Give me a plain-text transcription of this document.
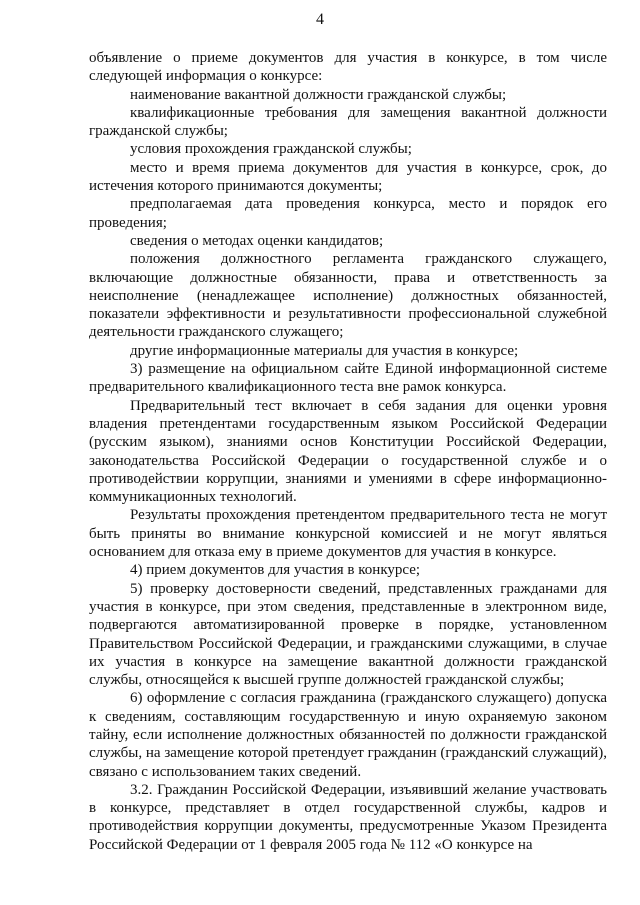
4

объявление о приеме документов для участия в конкурсе, в том числе следующей информация о конкурсе:

наименование вакантной должности гражданской службы;

квалификационные требования для замещения вакантной должности гражданской службы;

условия прохождения гражданской службы;

место и время приема документов для участия в конкурсе, срок, до истечения которого принимаются документы;

предполагаемая дата проведения конкурса, место и порядок его проведения;

сведения о методах оценки кандидатов;

положения должностного регламента гражданского служащего, включающие должностные обязанности, права и ответственность за неисполнение (ненадлежащее исполнение) должностных обязанностей, показатели эффективности и результативности профессиональной служебной деятельности гражданского служащего;

другие информационные материалы для участия в конкурсе;

3) размещение на официальном сайте Единой информационной системе предварительного квалификационного теста вне рамок конкурса.

Предварительный тест включает в себя задания для оценки уровня владения претендентами государственным языком Российской Федерации (русским языком), знаниями основ Конституции Российской Федерации, законодательства Российской Федерации о государственной службе и о противодействии коррупции, знаниями и умениями в сфере информационно-коммуникационных технологий.

Результаты прохождения претендентом предварительного теста не могут быть приняты во внимание конкурсной комиссией и не могут являться основанием для отказа ему в приеме документов для участия в конкурсе.

4) прием документов для участия в конкурсе;

5) проверку достоверности сведений, представленных гражданами для участия в конкурсе, при этом сведения, представленные в электронном виде, подвергаются автоматизированной проверке в порядке, установленном Правительством Российской Федерации, и гражданскими служащими, в случае их участия в конкурсе на замещение вакантной должности гражданской службы, относящейся к высшей группе должностей гражданской службы;

6) оформление с согласия гражданина (гражданского служащего) допуска к сведениям, составляющим государственную и иную охраняемую законом тайну, если исполнение должностных обязанностей по должности гражданской службы, на замещение которой претендует гражданин (гражданский служащий), связано с использованием таких сведений.

3.2. Гражданин Российской Федерации, изъявивший желание участвовать в конкурсе, представляет в отдел государственной службы, кадров и противодействия коррупции документы, предусмотренные Указом Президента Российской Федерации от 1 февраля 2005 года № 112 «О конкурсе на
